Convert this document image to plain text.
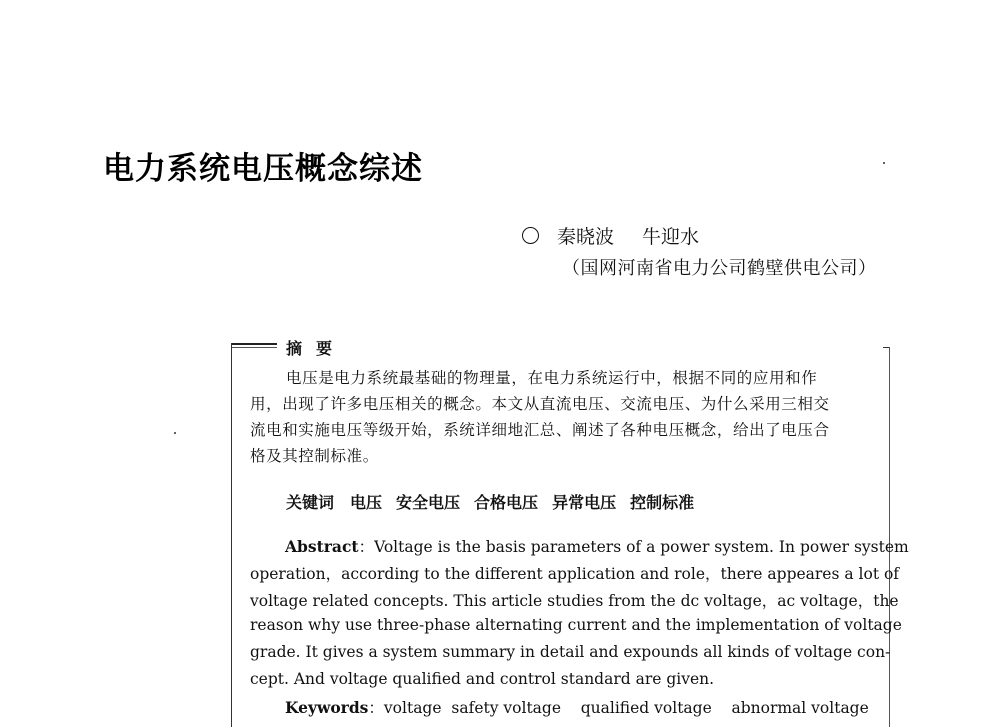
电力系统电压概念综述
秦晓波 牛迎水
（国网河南省电力公司鹤壁供电公司）
摘要
电压是电力系统最基础的物理量，在电力系统运行中，根据不同的应用和作
用，出现了许多电压相关的概念。本文从直流电压、交流电压、为什么采用三相交
流电和实施电压等级开始，系统详细地汇总、阐述了各种电压概念，给出了电压合
格及其控制标准。
关键词 电压 安全电压 合格电压 异常电压 控制标准
Abstract：Voltage is the basis parameters of a power system. In power system
operation，according to the different application and role，there appeares a lot of
voltage related concepts. This article studies from the dc voltage，ac voltage，the
reason why use three-phase alternating current and the implementation of voltage
grade. It gives a system summary in detail and expounds all kinds of voltage con-
cept. And voltage qualified and control standard are given.
Keywords：voltage  safety voltage    qualified voltage    abnormal voltage
